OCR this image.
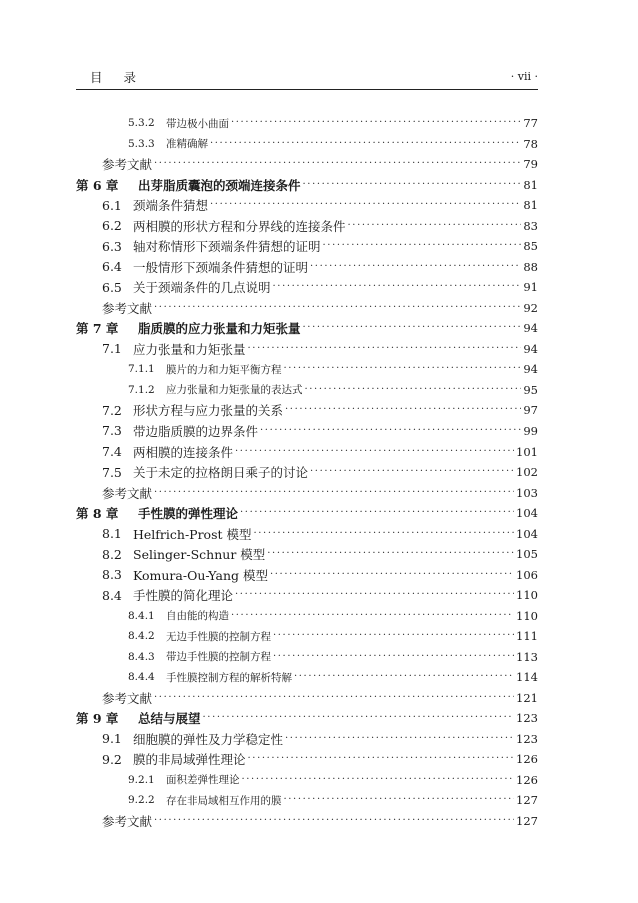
目录	· vii ·
5.3.2	带边极小曲面 ·····	77
5.3.3	准精确解 ·····	78
参考文献 ·····	79
第 6 章	出芽脂质囊泡的颈端连接条件 ·····	81
6.1 颈端条件猜想 ·····	81
6.2 两相膜的形状方程和分界线的连接条件 ·····	83
6.3 轴对称情形下颈端条件猜想的证明 ·····	85
6.4 一般情形下颈端条件猜想的证明 ·····	88
6.5 关于颈端条件的几点说明 ·····	91
参考文献 ·····	92
第 7 章	脂质膜的应力张量和力矩张量 ·····	94
7.1 应力张量和力矩张量 ·····	94
7.1.1	膜片的力和力矩平衡方程 ·····	94
7.1.2	应力张量和力矩张量的表达式 ·····	95
7.2 形状方程与应力张量的关系 ·····	97
7.3 带边脂质膜的边界条件 ·····	99
7.4 两相膜的连接条件 ·····	101
7.5 关于未定的拉格朗日乘子的讨论 ·····	102
参考文献 ·····	103
第 8 章	手性膜的弹性理论 ·····	104
8.1 Helfrich-Prost 模型 ·····	104
8.2 Selinger-Schnur 模型 ·····	105
8.3 Komura-Ou-Yang 模型 ·····	106
8.4 手性膜的简化理论 ·····	110
8.4.1	自由能的构造 ·····	110
8.4.2	无边手性膜的控制方程 ·····	111
8.4.3	带边手性膜的控制方程 ·····	113
8.4.4	手性膜控制方程的解析特解 ·····	114
参考文献 ·····	121
第 9 章	总结与展望 ·····	123
9.1 细胞膜的弹性及力学稳定性 ·····	123
9.2 膜的非局域弹性理论 ·····	126
9.2.1	面积差弹性理论 ·····	126
9.2.2	存在非局域相互作用的膜 ·····	127
参考文献 ·····	127
